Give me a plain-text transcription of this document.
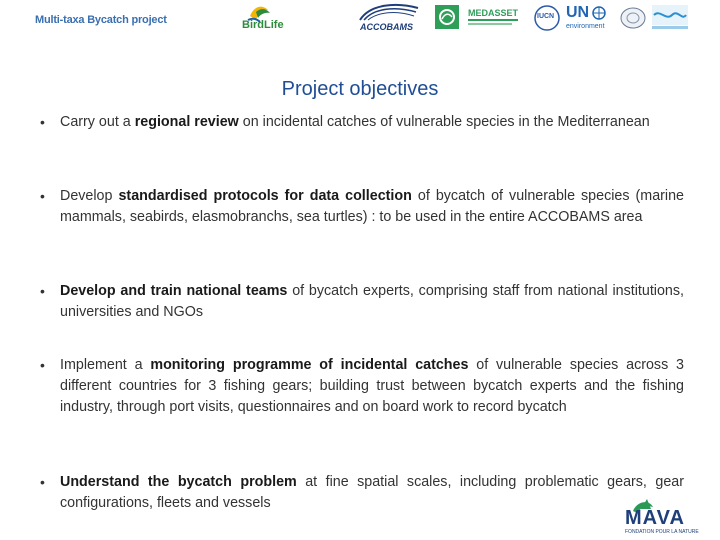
Multi-taxa Bycatch project	BirdLife	ACCOBAMS
MEDASSET	IUCN UN
environment
Project objectives
•	Carry out a regional review on incidental catches of vulnerable species in the Mediterranean
•	Develop standardised protocols for data collection of bycatch of vulnerable species (marine mammals, seabirds, elasmobranchs, sea turtles) : to be used in the entire ACCOBAMS area
•	Develop and train national teams of bycatch experts, comprising staff from national institutions, universities and NGOs
•	Implement a monitoring programme of incidental catches of vulnerable species across 3 different countries for 3 fishing gears; building trust between bycatch experts and the fishing industry, through port visits, questionnaires and on board work to record bycatch
•	Understand the bycatch problem at fine spatial scales, including problematic gears, gear configurations, fleets and vessels
MAVA
FONDATION POUR LA NATURE
